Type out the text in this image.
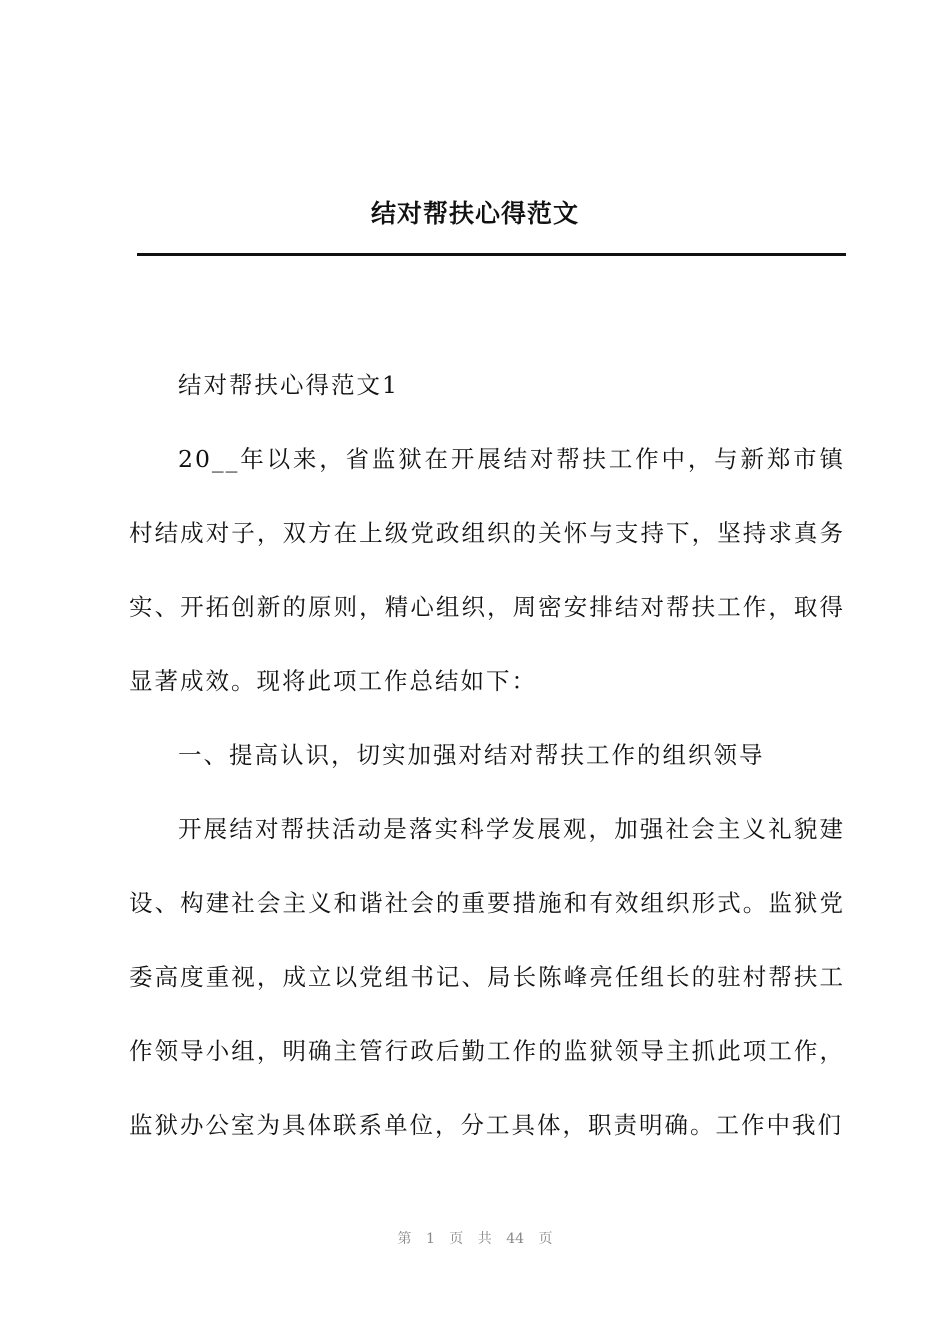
结对帮扶心得范文

结对帮扶心得范文1

20__年以来，省监狱在开展结对帮扶工作中，与新郑市镇村结成对子，双方在上级党政组织的关怀与支持下，坚持求真务实、开拓创新的原则，精心组织，周密安排结对帮扶工作，取得显著成效。现将此项工作总结如下：

一、提高认识，切实加强对结对帮扶工作的组织领导

开展结对帮扶活动是落实科学发展观，加强社会主义礼貌建设、构建社会主义和谐社会的重要措施和有效组织形式。监狱党委高度重视，成立以党组书记、局长陈峰亮任组长的驻村帮扶工作领导小组，明确主管行政后勤工作的监狱领导主抓此项工作，监狱办公室为具体联系单位，分工具体，职责明确。工作中我们

第 1 页 共 44 页
